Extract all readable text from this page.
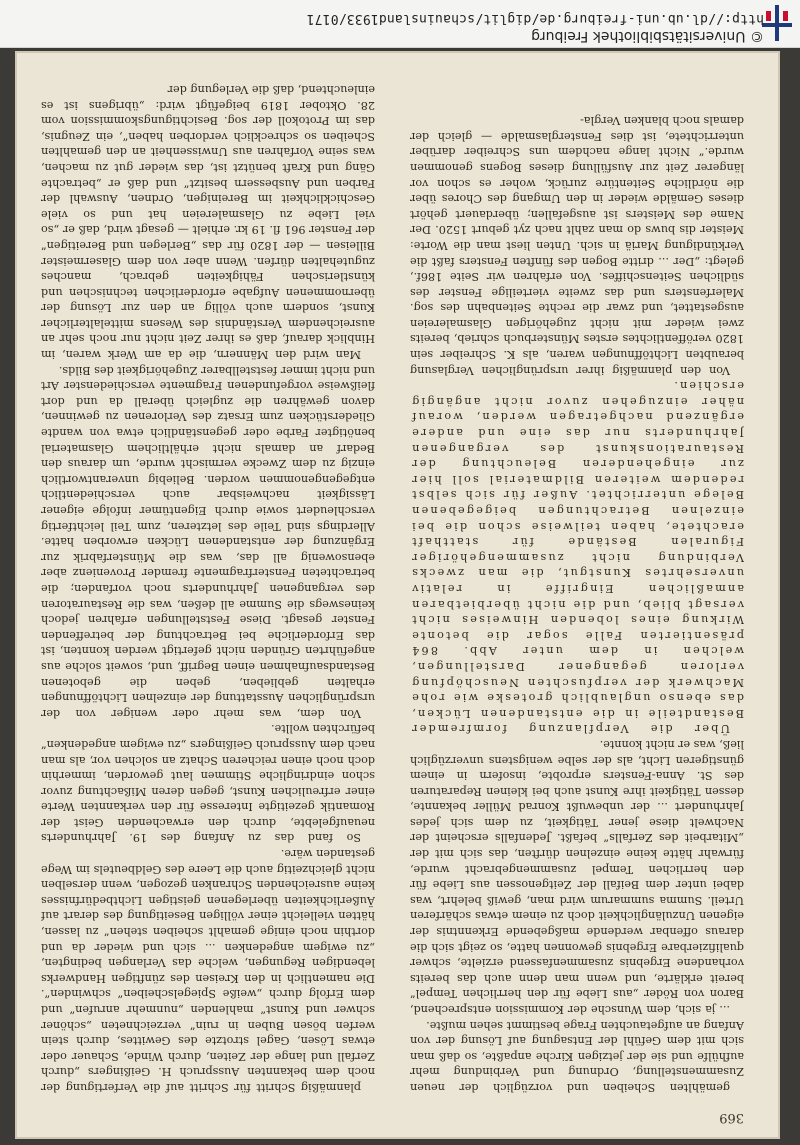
369

gemählten Scheiben und vorzüglich der neuen Zusammenstellung, Ordnung und Verbindung mehr aufhülfe und sie der jetzigen Kirche anpaßte, so daß man sich mit dem Gefühl der Entsagung auf Lösung der von Anfang an aufgetauchten Frage bestimmt sehen mußte.

... ja sich, dem Wunsche der Kommission entsprechend, Baron von Röder „aus Liebe für den herrlichen Tempel“ bereit erklärte, und wenn man denn auch das bereits vorhandene Ergebnis zusammenfassend erzielte, schwer qualifizierbare Ergebnis gewonnen hatte, so zeigt sich die daraus offenbar werdende maßgebende Erkenntnis der eigenen Unzulänglichkeit doch zu einem etwas schärferen Urteil. Summa summarum wird man, gewiß belehrt, was dabei unter dem Beifall der Zeitgenossen aus Liebe für den herrlichen Tempel zusammengebracht wurde, fürwahr hätte keine einzelnen dürften, das sich mit der „Mitarbeit des Zerfalls“ befaßt. Jedenfalls erscheint der Nachwelt diese jener Tätigkeit, zu dem sich jedes Jahrhundert ... der unbewußt Konrad Müller bekannte, dessen Tätigkeit ihre Kunst auch bei kleinen Reparaturen des St. Anna-Fensters erprobte, insofern in einem günstigeren Licht, als der selbe wenigstens unverzüglich ließ, was er nicht konnte.

Über die Verpflanzung formfremder Bestandteile in die entstandenen Lücken, das ebenso unglaublich groteske wie rohe Machwerk der verpfuschten Neuschöpfung verloren gegangener Darstellungen, welchen in dem unter Abb. 864 präsentierten Falle sogar die betonte Wirkung eines lobenden Hinweises nicht versagt blieb, und die nicht überbietbaren anmaßlichen Eingriffe in relativ unversehrtes Kunstgut, die man zwecks Verbindung nicht zusammengehöriger Figuralen Bestände für statthaft erachtete, haben teilweise schon die bei einzelnen Betrachtungen beigegebenen Belege unterrichtet. Außer für sich selbst redendem weiteren Bildmaterial soll hier zur eingehenderen Beleuchtung der Restaurationskunst des vergangenen Jahrhunderts nur das eine und andere ergänzend nachgetragen werden, worauf näher einzugehen zuvor nicht angängig erschien.

Von den planmäßig ihrer ursprünglichen Verglasung beraubten Lichtöffnungen waren, als K. Schreiber sein 1820 veröffentlichtes erstes Münsterbuch schrieb, bereits zwei wieder mit nicht zugehörigen Glasmalereien ausgestattet, und zwar die rechte Seitenbahn des sog. Malerfensters und das zweite vierteilige Fenster des südlichen Seitenschiffes. Von erfahren wir Seite 186f., gelegt: „Der ... dritte Bogen des fünften Fensters faßt die Verkündigung Mariä in sich. Unten liest man die Worte: Meister dis buws do man zahlt nach zyt geburt 1520. Der Name des Meisters ist ausgefallen; überdauert gehört dieses Gemälde wieder in den Umgang des Chores über die nördliche Seitentüre zurück, woher es schon vor längerer Zeit zur Ausfüllung dieses Bogens genommen wurde.“ Nicht lange nachdem uns Schreiber darüber unterrichtete, ist dies Fensterglasmalde — gleich der damals noch blanken Vergla-

planmäßig Schritt für Schritt auf die Verfertigung der noch dem bekannten Ausspruch H. Geißingers „durch Zerfall und lange der Zeiten, durch Winde, Schauer oder etwas Lösen, Gagel strotzte des Gewittes, durch stein werfen bösen Buben in ruin“ verzeichneten „schöner schwer und Kunst“ mahlenden „nunmehr anrufen“ und dem Erfolg durch „weiße Spiegelscheiben“ schwinden“. Die namentlich in den Kreisen des zünftigen Handwerks lebendigen Regungen, welche das Verlangen bedingten, „zu ewigem angedenken ... sich und wieder da und dorthin noch einige gemahlt scheiben stehen“ zu lassen, hätten vielleicht einer völligen Beseitigung des derart auf Äußerlichkeiten überlegenen geistigen Lichtbedürfnisses keine ausreichenden Schranken gezogen, wenn derselben nicht gleichzeitig auch die Leere des Geldbeutels im Wege gestanden wäre.

So fand das zu Anfang des 19. Jahrhunderts neuaufgelebte, durch den erwachenden Geist der Romantik gezeitigte Interesse für den verkannten Werte einer erfreulichen Kunst, gegen deren Mißachtung zuvor schon eindringliche Stimmen laut geworden, immerhin doch noch einen reicheren Schatz an solchen vor, als man nach dem Ausspruch Geißingers „zu ewigem angedenken“ befürchten wollte.

Von dem, was mehr oder weniger von der ursprünglichen Ausstattung der einzelnen Lichtöffnungen erhalten geblieben, geben die gebotenen Bestandsaufnahmen einen Begriff, und, soweit solche aus angeführten Gründen nicht gefertigt werden konnten, ist das Erforderliche bei Betrachtung der betreffenden Fenster gesagt. Diese Feststellungen erfahren jedoch keineswegs die Summe all deßen, was die Restauratoren des vergangenen Jahrhunderts noch vorfanden; die betrachteten Fensterfragmente fremder Provenienz aber ebensowenig all das, was die Münsterfabrik zur Ergänzung der entstandenen Lücken erworben hatte. Allerdings sind Teile des letzteren, zum Teil leichtfertig verschleudert sowie durch Eigentümer infolge eigener Lässigkeit nachweisbar auch verschiedentlich entgegengenommen worden. Beliebig unverantwortlich einzig zu dem Zwecke vermischt wurde, um daraus den Bedarf an damals nicht erhältlichem Glasmaterial benötigter Farbe oder gegenständlich etwa von wandte Gliederstücken zum Ersatz des Verlorenen zu gewinnen, davon gewähren die zugleich überall da und dort fleißweise vorgefundenen Fragmente verschiedenster Art und nicht immer feststellbarer Zugehörigkeit des Bilds.

Man wird den Männern, die da am Werk waren, im Hinblick darauf, daß es ihrer Zeit nicht nur noch sehr an ausreichendem Verständnis des Wesens mittelalterlicher Kunst, sondern auch völlig an den zur Lösung der übernommenen Aufgabe erforderlichen technischen und künstlerischen Fähigkeiten gebrach, manches zugutehalten dürfen. Wenn aber von dem Glasermeister Billeisen — der 1820 für das „Berlegen und Bereitigen“ der Fenster 961 fl. 19 kr. erhielt — gesagt wird, daß er „so viel Liebe zu Glasmalereien hat und so viele Geschicklichkeit im Bereinigen, Ordnen, Auswahl der Farben und Ausbessern besitzt“ und daß er „betrachte Gäng und Kraft benützt ist, das wieder gut zu machen, was seine Vorfahren aus Unwissenheit an den gemahlten Scheiben so schrecklich verdorben haben“, ein Zeugnis, das im Protokoll der sog. Besichtigungskommission vom 28. Oktober 1819 beigefügt wird: „übrigens ist es einleuchtend, daß die Verlegung der

http://dl.ub.uni-freiburg.de/diglit/schauinsland1933/0171
© Universitätsbibliothek Freiburg
